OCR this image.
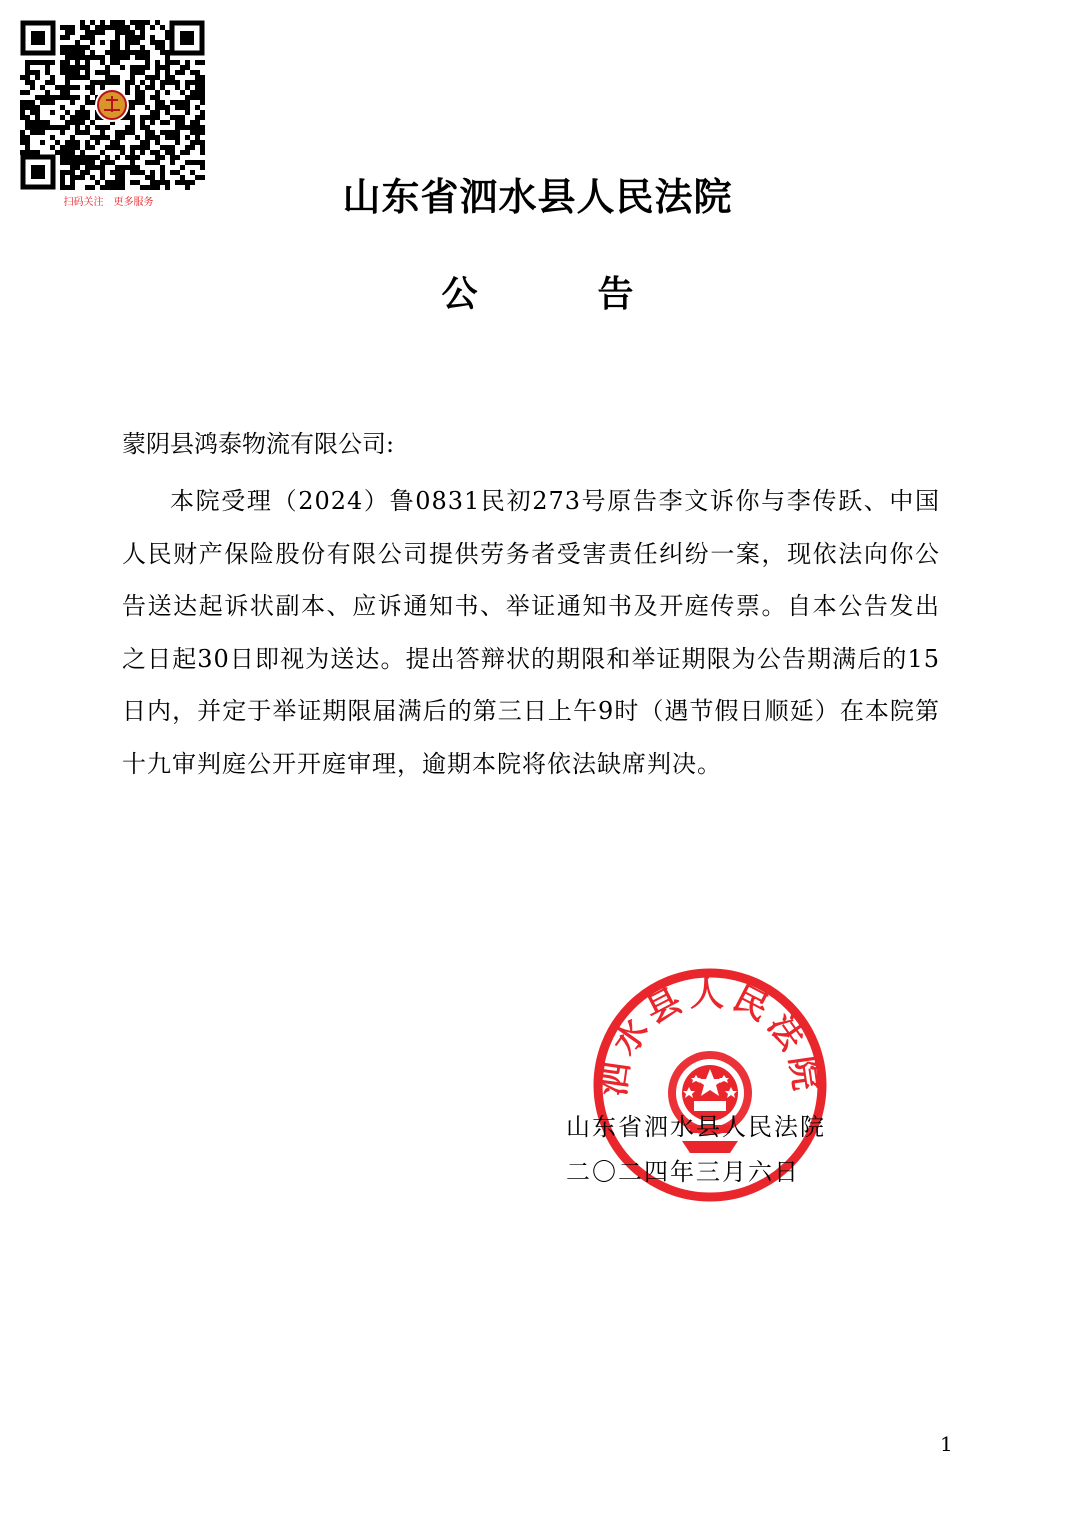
扫码关注　更多服务	山东省泗水县人民法院
公	告
蒙阴县鸿泰物流有限公司:

本院受理（2024）鲁0831民初273号原告李文诉你与李传跃、中国人民财产保险股份有限公司提供劳务者受害责任纠纷一案，现依法向你公告送达起诉状副本、应诉通知书、举证通知书及开庭传票。自本公告发出之日起30日即视为送达。提出答辩状的期限和举证期限为公告期满后的15日内，并定于举证期限届满后的第三日上午9时（遇节假日顺延）在本院第十九审判庭公开开庭审理，逾期本院将依法缺席判决。

泗水县人民法院
山东省泗水县人民法院
二〇二四年三月六日
1
